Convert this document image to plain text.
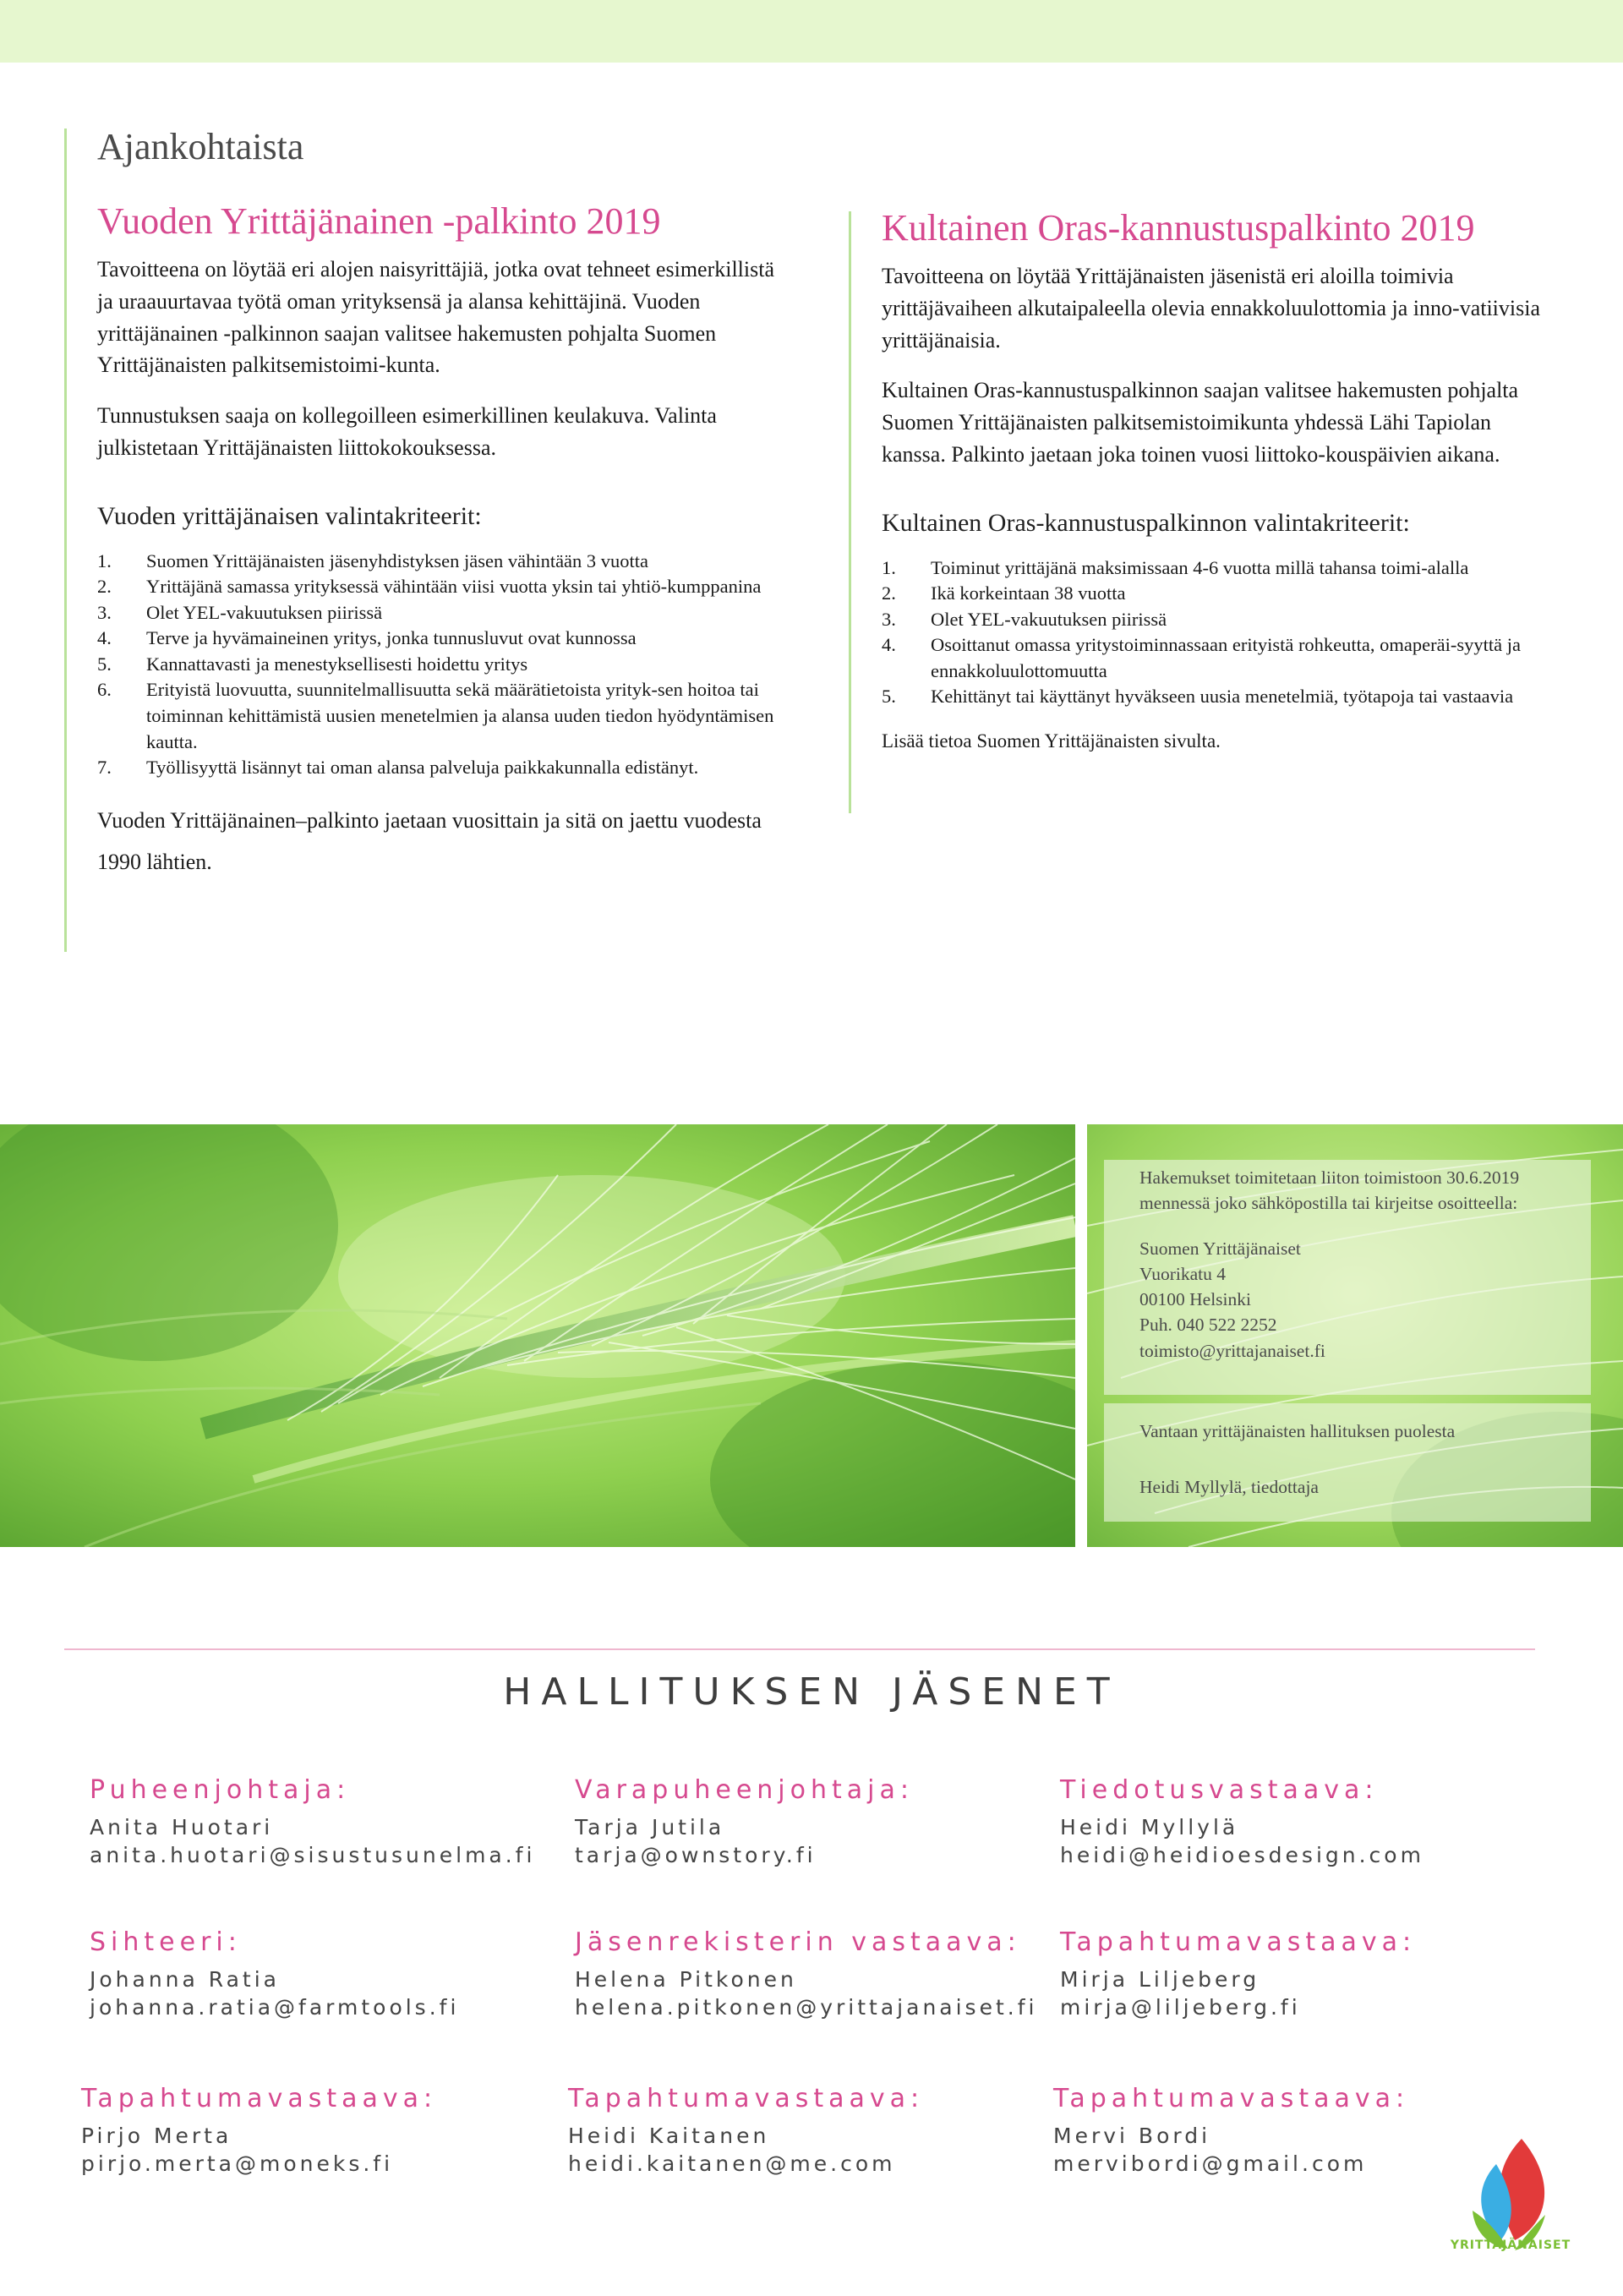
Ajankohtaista
Vuoden Yrittäjänainen -palkinto 2019

Tavoitteena on löytää eri alojen naisyrittäjiä, jotka ovat tehneet esimerkillistä ja uraauurtavaa työtä oman yrityksensä ja alansa kehittäjinä. Vuoden yrittäjänainen -palkinnon saajan valitsee hakemusten pohjalta Suomen Yrittäjänaisten palkitsemistoimi-kunta.

Tunnustuksen saaja on kollegoilleen esimerkillinen keulakuva. Valinta julkistetaan Yrittäjänaisten liittokokouksessa.

Vuoden yrittäjänaisen valintakriteerit:
1.	Suomen Yrittäjänaisten jäsenyhdistyksen jäsen vähintään 3 vuotta
2.	Yrittäjänä samassa yrityksessä vähintään viisi vuotta yksin tai yhtiö-kumppanina
3.	Olet YEL-vakuutuksen piirissä
4.	Terve ja hyvämaineinen yritys, jonka tunnusluvut ovat kunnossa
5.	Kannattavasti ja menestyksellisesti hoidettu yritys
6.	Erityistä luovuutta, suunnitelmallisuutta sekä määrätietoista yrityk-sen hoitoa tai toiminnan kehittämistä uusien menetelmien ja alansa uuden tiedon hyödyntämisen kautta.
7.	Työllisyyttä lisännyt tai oman alansa palveluja paikkakunnalla edistänyt.

Vuoden Yrittäjänainen–palkinto jaetaan vuosittain ja sitä on jaettu vuodesta 1990 lähtien.

Kultainen Oras-kannustuspalkinto 2019

Tavoitteena on löytää Yrittäjänaisten jäsenistä eri aloilla toimivia yrittäjävaiheen alkutaipaleella olevia ennakkoluulottomia ja inno-vatiivisia yrittäjänaisia.

Kultainen Oras-kannustuspalkinnon saajan valitsee hakemusten pohjalta Suomen Yrittäjänaisten palkitsemistoimikunta yhdessä Lähi Tapiolan kanssa. Palkinto jaetaan joka toinen vuosi liittoko-kouspäivien aikana.

Kultainen Oras-kannustuspalkinnon valintakriteerit:
1.	Toiminut yrittäjänä maksimissaan 4-6 vuotta millä tahansa toimi-alalla
2.	Ikä korkeintaan 38 vuotta
3.	Olet YEL-vakuutuksen piirissä
4.	Osoittanut omassa yritystoiminnassaan erityistä rohkeutta, omaperäi-syyttä ja ennakkoluulottomuutta
5.	Kehittänyt tai käyttänyt hyväkseen uusia menetelmiä, työtapoja tai vastaavia

Lisää tietoa Suomen Yrittäjänaisten sivulta.

Hakemukset toimitetaan liiton toimistoon 30.6.2019
mennessä joko sähköpostilla tai kirjeitse osoitteella:
Suomen Yrittäjänaiset
Vuorikatu 4
00100 Helsinki
Puh. 040 522 2252
toimisto@yrittajanaiset.fi
Vantaan yrittäjänaisten hallituksen puolesta
Heidi Myllylä, tiedottaja
HALLITUKSEN JÄSENET
Puheenjohtaja:
Anita Huotari
anita.huotari@sisustusunelma.fi
Varapuheenjohtaja:
Tarja Jutila
tarja@ownstory.fi
Tiedotusvastaava:
Heidi Myllylä
heidi@heidioesdesign.com
Sihteeri:
Johanna Ratia
johanna.ratia@farmtools.fi
Jäsenrekisterin vastaava:
Helena Pitkonen
helena.pitkonen@yrittajanaiset.fi
Tapahtumavastaava:
Mirja Liljeberg
mirja@liljeberg.fi
Tapahtumavastaava:
Pirjo Merta
pirjo.merta@moneks.fi
Tapahtumavastaava:
Heidi Kaitanen
heidi.kaitanen@me.com
Tapahtumavastaava:
Mervi Bordi
mervibordi@gmail.com
YRITTÄJÄNAISET
